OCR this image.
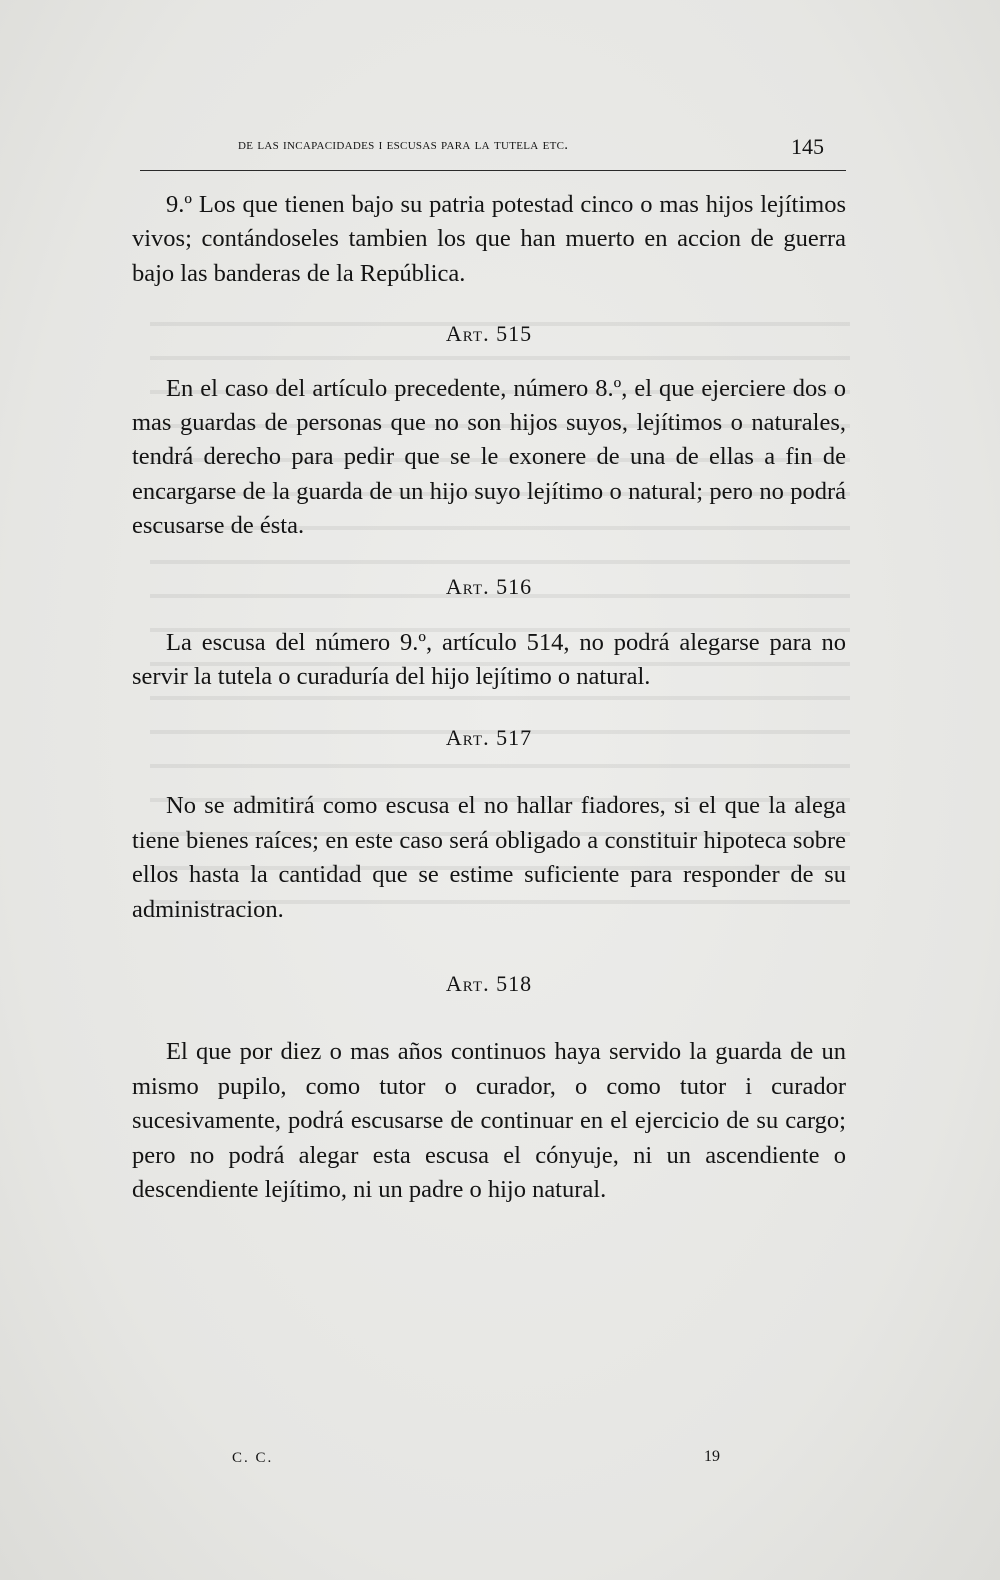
de las incapacidades i escusas para la tutela etc.	145

9.º Los que tienen bajo su patria potestad cinco o mas hijos lejítimos vivos; contándoseles tambien los que han muerto en accion de guerra bajo las banderas de la República.

Art. 515

En el caso del artículo precedente, número 8.º, el que ejerciere dos o mas guardas de personas que no son hijos suyos, lejítimos o naturales, tendrá derecho para pedir que se le exonere de una de ellas a fin de encargarse de la guarda de un hijo suyo lejítimo o natural; pero no podrá escusarse de ésta.

Art. 516

La escusa del número 9.º, artículo 514, no podrá alegarse para no servir la tutela o curaduría del hijo lejítimo o natural.

Art. 517

No se admitirá como escusa el no hallar fiadores, si el que la alega tiene bienes raíces; en este caso será obligado a constituir hipoteca sobre ellos hasta la cantidad que se estime suficiente para responder de su administracion.

Art. 518

El que por diez o mas años continuos haya servido la guarda de un mismo pupilo, como tutor o curador, o como tutor i curador sucesivamente, podrá escusarse de continuar en el ejercicio de su cargo; pero no podrá alegar esta escusa el cónyuje, ni un ascendiente o descendiente lejítimo, ni un padre o hijo natural.

C. C.	19
